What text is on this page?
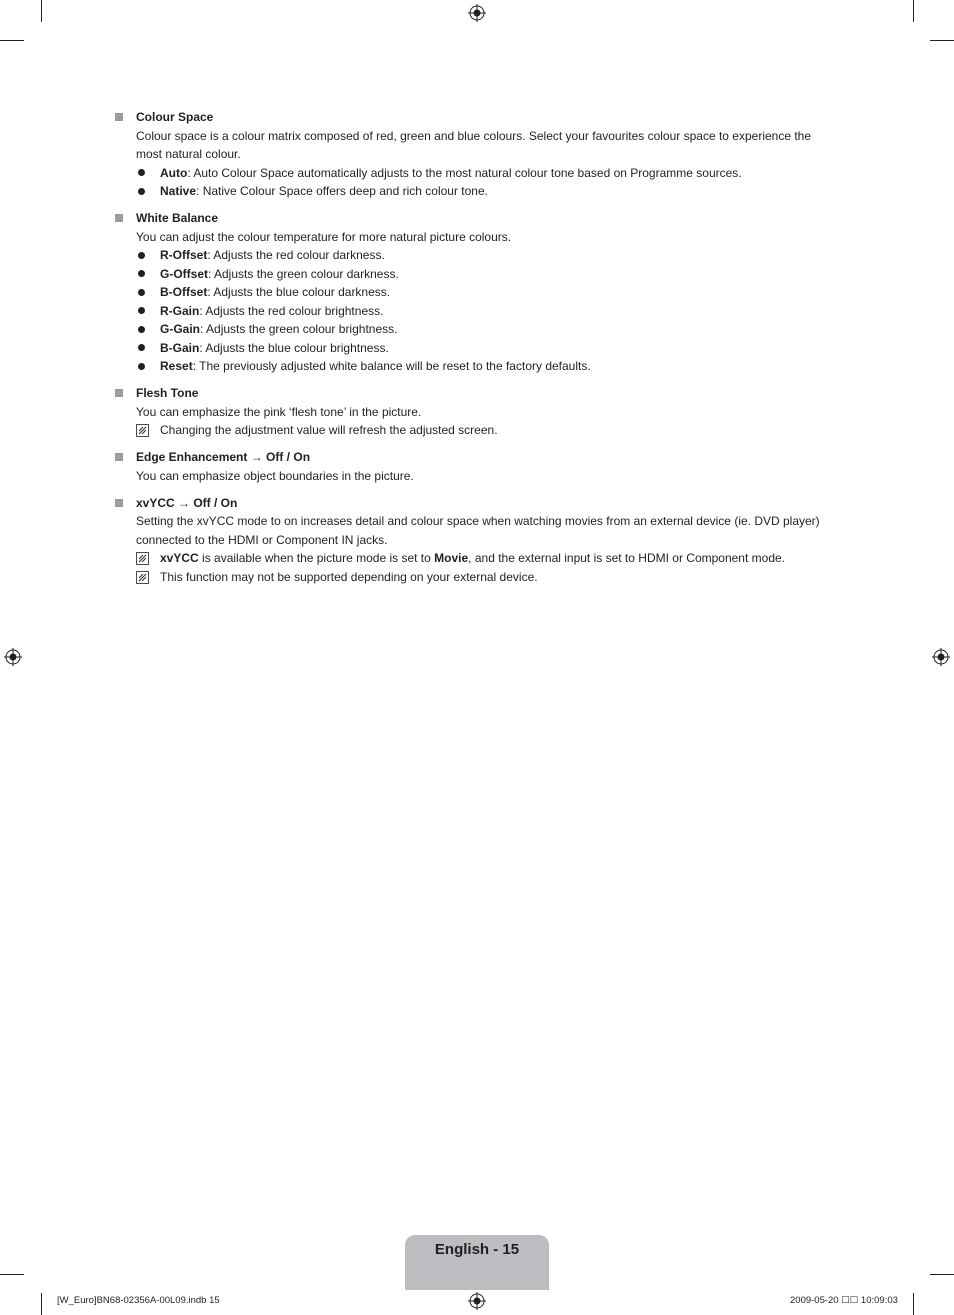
Colour Space
Colour space is a colour matrix composed of red, green and blue colours. Select your favourites colour space to experience the most natural colour.
Auto: Auto Colour Space automatically adjusts to the most natural colour tone based on Programme sources.
Native: Native Colour Space offers deep and rich colour tone.
White Balance
You can adjust the colour temperature for more natural picture colours.
R-Offset: Adjusts the red colour darkness.
G-Offset: Adjusts the green colour darkness.
B-Offset: Adjusts the blue colour darkness.
R-Gain: Adjusts the red colour brightness.
G-Gain: Adjusts the green colour brightness.
B-Gain: Adjusts the blue colour brightness.
Reset: The previously adjusted white balance will be reset to the factory defaults.
Flesh Tone
You can emphasize the pink ‘flesh tone’ in the picture.
Changing the adjustment value will refresh the adjusted screen.
Edge Enhancement → Off / On
You can emphasize object boundaries in the picture.
xvYCC → Off / On
Setting the xvYCC mode to on increases detail and colour space when watching movies from an external device (ie. DVD player) connected to the HDMI or Component IN jacks.
xvYCC is available when the picture mode is set to Movie, and the external input is set to HDMI or Component mode.
This function may not be supported depending on your external device.
English - 15
[W_Euro]BN68-02356A-00L09.indb 15	2009-05-20 ☐☐ 10:09:03
